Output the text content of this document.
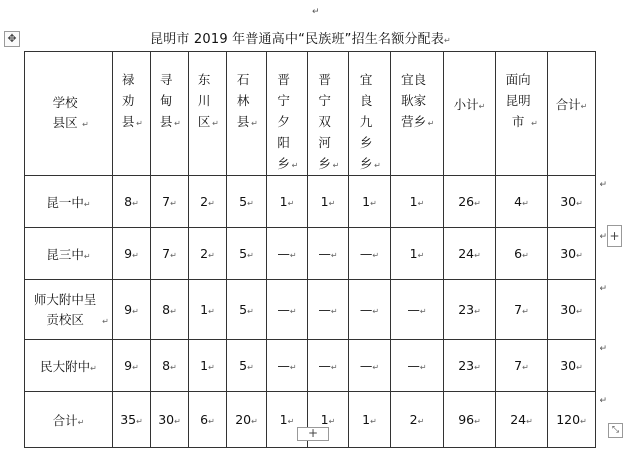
↵
✥	昆明市 2019 年普通高中“民族班”招生名额分配表↵
学校县区 ↵	禄劝县 ↵	寻甸县 ↵	东川区 ↵	石林县 ↵	晋宁夕阳乡 ↵	晋宁双河乡 ↵	宜良九乡乡 ↵	宜良耿家营乡 ↵	小计↵	面向昆明市 ↵	合计↵
昆一中↵	8↵	7↵	2↵	5↵	1↵	1↵	1↵	1↵	26↵	4↵	30↵
↵

昆三中↵	9↵	7↵	2↵	5↵	—↵	—↵	—↵	1↵	24↵	6↵	30↵
↵

师大附中呈贡校区 ↵	9↵	8↵	1↵	5↵	—↵	—↵	—↵	—↵	23↵	7↵	30↵
↵

民大附中↵	9↵	8↵	1↵	5↵	—↵	—↵	—↵	—↵	23↵	7↵	30↵
↵

合计↵	35↵	30↵	6↵	20↵	1↵	1↵	1↵	2↵	96↵	24↵	120↵
↵
+
+	⤡
